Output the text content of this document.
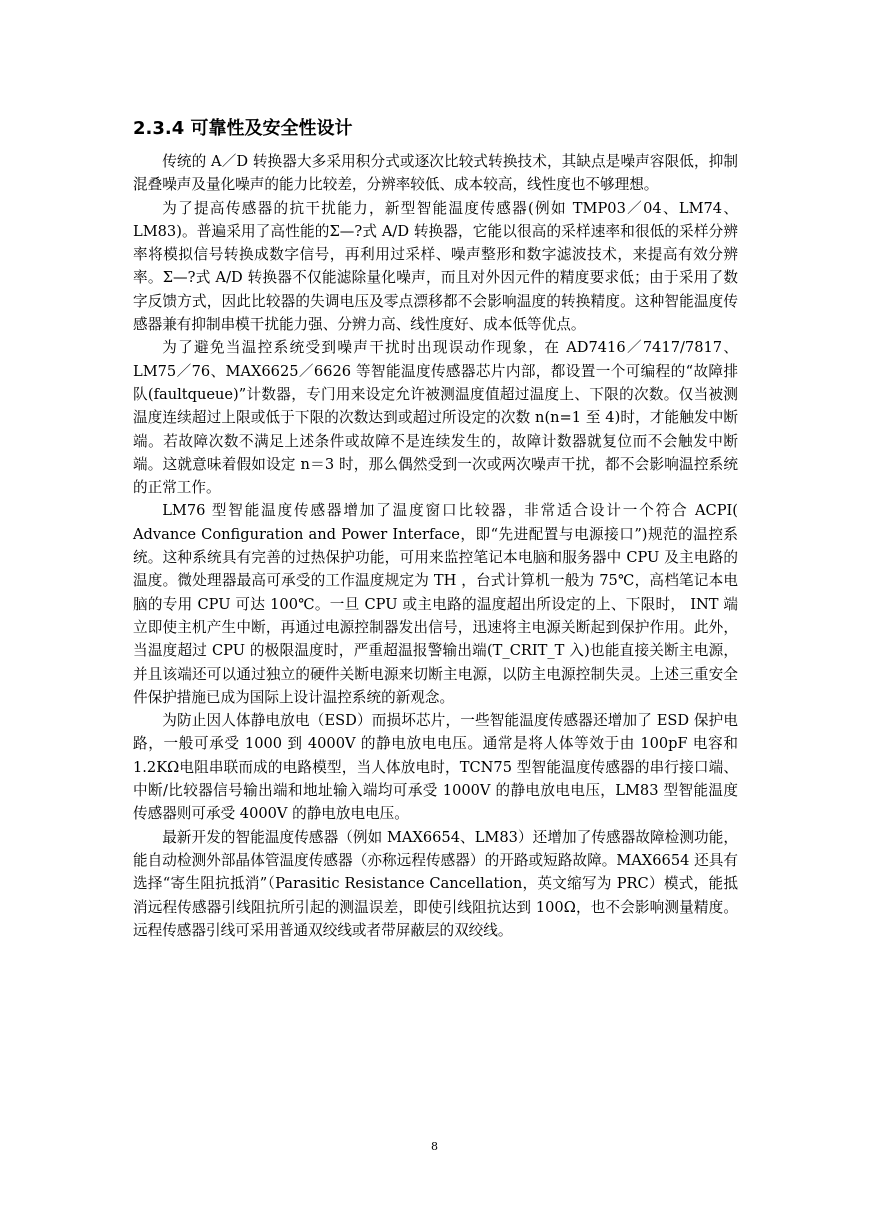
2.3.4 可靠性及安全性设计

传统的 A／D 转换器大多采用积分式或逐次比较式转换技术，其缺点是噪声容限低，抑制混叠噪声及量化噪声的能力比较差，分辨率较低、成本较高，线性度也不够理想。

为了提高传感器的抗干扰能力，新型智能温度传感器(例如 TMP03／04、LM74、LM83)。普遍采用了高性能的Σ—?式 A/D 转换器，它能以很高的采样速率和很低的采样分辨率将模拟信号转换成数字信号，再利用过采样、噪声整形和数字滤波技术，来提高有效分辨率。Σ—?式 A/D 转换器不仅能滤除量化噪声，而且对外因元件的精度要求低；由于采用了数字反馈方式，因此比较器的失调电压及零点漂移都不会影响温度的转换精度。这种智能温度传感器兼有抑制串模干扰能力强、分辨力高、线性度好、成本低等优点。

为了避免当温控系统受到噪声干扰时出现误动作现象，在 AD7416／7417/7817、LM75／76、MAX6625／6626 等智能温度传感器芯片内部，都设置一个可编程的“故障排队(faultqueue)”计数器，专门用来设定允许被测温度值超过温度上、下限的次数。仅当被测温度连续超过上限或低于下限的次数达到或超过所设定的次数 n(n=1 至 4)时，才能触发中断端。若故障次数不满足上述条件或故障不是连续发生的，故障计数器就复位而不会触发中断端。这就意味着假如设定 n＝3 时，那么偶然受到一次或两次噪声干扰，都不会影响温控系统的正常工作。

LM76 型智能温度传感器增加了温度窗口比较器，非常适合设计一个符合 ACPI( Advance Configuration and Power Interface，即“先进配置与电源接口”)规范的温控系统。这种系统具有完善的过热保护功能，可用来监控笔记本电脑和服务器中 CPU 及主电路的温度。微处理器最高可承受的工作温度规定为 TH ，台式计算机一般为 75℃，高档笔记本电脑的专用 CPU 可达 100℃。一旦 CPU 或主电路的温度超出所设定的上、下限时， INT 端立即使主机产生中断，再通过电源控制器发出信号，迅速将主电源关断起到保护作用。此外，当温度超过 CPU 的极限温度时，严重超温报警输出端(T_CRIT_T 入)也能直接关断主电源，并且该端还可以通过独立的硬件关断电源来切断主电源，以防主电源控制失灵。上述三重安全件保护措施已成为国际上设计温控系统的新观念。

为防止因人体静电放电（ESD）而损坏芯片，一些智能温度传感器还增加了 ESD 保护电路，一般可承受 1000 到 4000V 的静电放电电压。通常是将人体等效于由 100pF 电容和 1.2KΩ电阻串联而成的电路模型，当人体放电时，TCN75 型智能温度传感器的串行接口端、中断/比较器信号输出端和地址输入端均可承受 1000V 的静电放电电压，LM83 型智能温度传感器则可承受 4000V 的静电放电电压。

最新开发的智能温度传感器（例如 MAX6654、LM83）还增加了传感器故障检测功能，能自动检测外部晶体管温度传感器（亦称远程传感器）的开路或短路故障。MAX6654 还具有选择“寄生阻抗抵消”（Parasitic Resistance Cancellation，英文缩写为 PRC）模式，能抵消远程传感器引线阻抗所引起的测温误差，即使引线阻抗达到 100Ω，也不会影响测量精度。远程传感器引线可采用普通双绞线或者带屏蔽层的双绞线。

8
